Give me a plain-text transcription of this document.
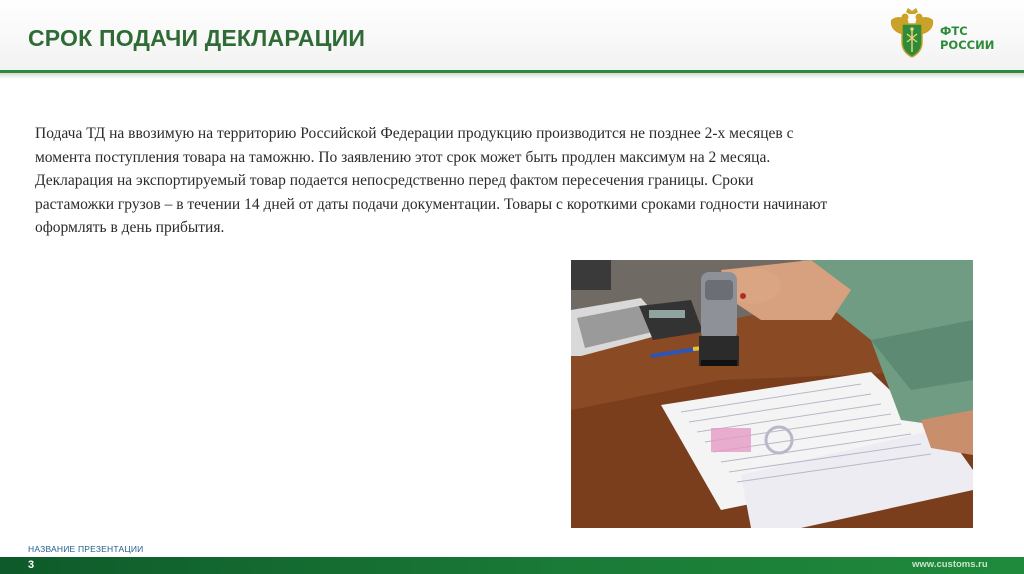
СРОК ПОДАЧИ ДЕКЛАРАЦИИ	ФТС
РОССИИ

Подача ТД на ввозимую на территорию Российской Федерации продукцию производится не позднее 2-х месяцев с момента поступления товара на таможню. По заявлению этот срок может быть продлен максимум на 2 месяца. Декларация на экспортируемый товар подается непосредственно перед фактом пересечения границы. Сроки растаможки грузов – в течении 14 дней от даты подачи документации. Товары с короткими сроками годности начинают оформлять в день прибытия.

НАЗВАНИЕ ПРЕЗЕНТАЦИИ
3	www.customs.ru
